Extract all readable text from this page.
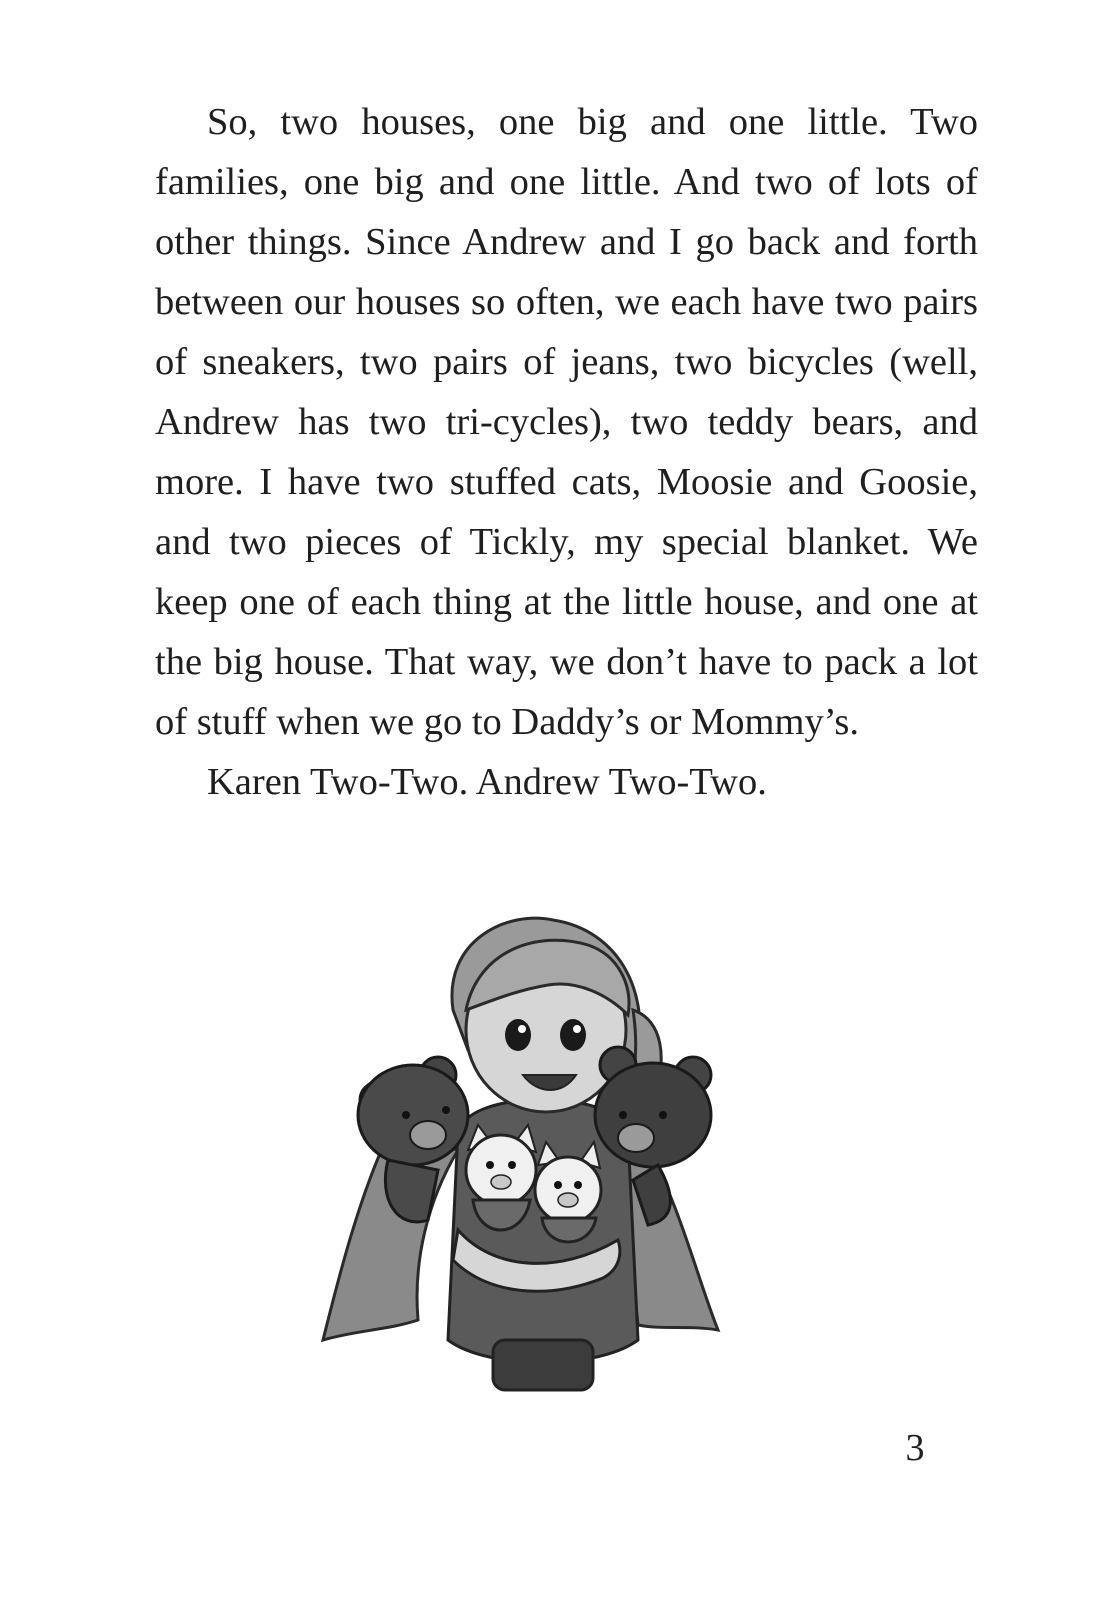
So, two houses, one big and one little. Two families, one big and one little. And two of lots of other things. Since Andrew and I go back and forth between our houses so often, we each have two pairs of sneakers, two pairs of jeans, two bicycles (well, Andrew has two tri-cycles), two teddy bears, and more. I have two stuffed cats, Moosie and Goosie, and two pieces of Tickly, my special blanket. We keep one of each thing at the little house, and one at the big house. That way, we don’t have to pack a lot of stuff when we go to Daddy’s or Mommy’s.

Karen Two-Two. Andrew Two-Two.

3
